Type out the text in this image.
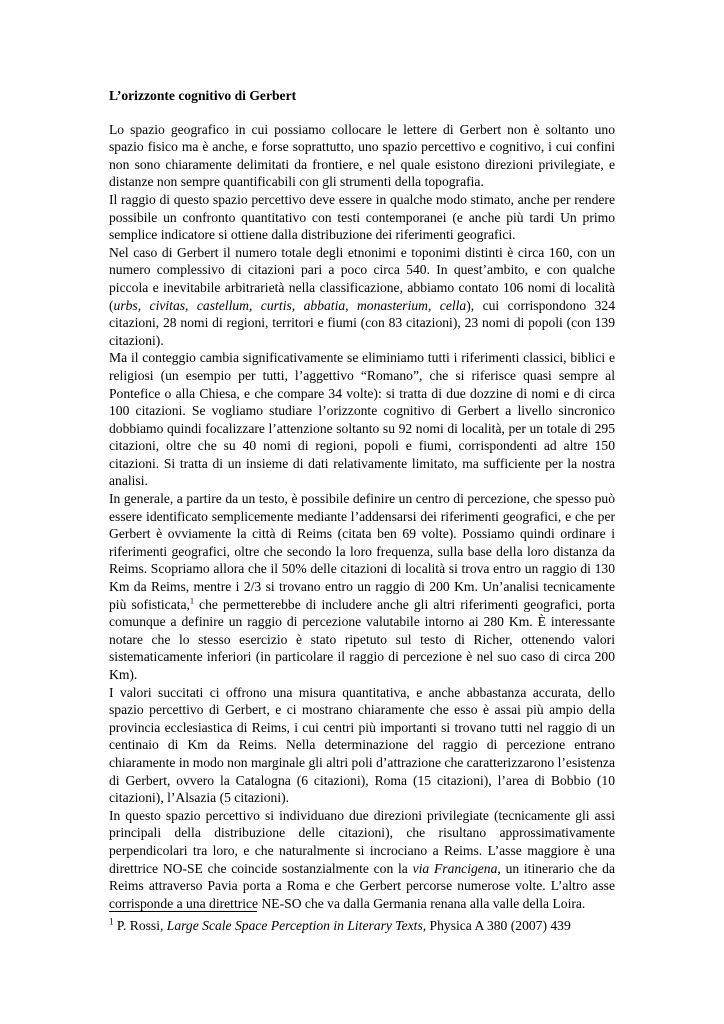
L’orizzonte cognitivo di Gerbert

Lo spazio geografico in cui possiamo collocare le lettere di Gerbert non è soltanto uno spazio fisico ma è anche, e forse soprattutto, uno spazio percettivo e cognitivo, i cui confini non sono chiaramente delimitati da frontiere, e nel quale esistono direzioni privilegiate, e distanze non sempre quantificabili con gli strumenti della topografia.

Il raggio di questo spazio percettivo deve essere in qualche modo stimato, anche per rendere possibile un confronto quantitativo con testi contemporanei (e anche più tardi Un primo semplice indicatore si ottiene dalla distribuzione dei riferimenti geografici.

Nel caso di Gerbert il numero totale degli etnonimi e toponimi distinti è circa 160, con un numero complessivo di citazioni pari a poco circa 540. In quest’ambito, e con qualche piccola e inevitabile arbitrarietà nella classificazione, abbiamo contato 106 nomi di località (urbs, civitas, castellum, curtis, abbatia, monasterium, cella), cui corrispondono 324 citazioni, 28 nomi di regioni, territori e fiumi (con 83 citazioni), 23 nomi di popoli (con 139 citazioni).

Ma il conteggio cambia significativamente se eliminiamo tutti i riferimenti classici, biblici e religiosi (un esempio per tutti, l’aggettivo “Romano”, che si riferisce quasi sempre al Pontefice o alla Chiesa, e che compare 34 volte): si tratta di due dozzine di nomi e di circa 100 citazioni. Se vogliamo studiare l’orizzonte cognitivo di Gerbert a livello sincronico dobbiamo quindi focalizzare l’attenzione soltanto su 92 nomi di località, per un totale di 295 citazioni, oltre che su 40 nomi di regioni, popoli e fiumi, corrispondenti ad altre 150 citazioni. Si tratta di un insieme di dati relativamente limitato, ma sufficiente per la nostra analisi.

In generale, a partire da un testo, è possibile definire un centro di percezione, che spesso può essere identificato semplicemente mediante l’addensarsi dei riferimenti geografici, e che per Gerbert è ovviamente la città di Reims (citata ben 69 volte). Possiamo quindi ordinare i riferimenti geografici, oltre che secondo la loro frequenza, sulla base della loro distanza da Reims. Scopriamo allora che il 50% delle citazioni di località si trova entro un raggio di 130 Km da Reims, mentre i 2/3 si trovano entro un raggio di 200 Km. Un’analisi tecnicamente più sofisticata,$^1$ che permetterebbe di includere anche gli altri riferimenti geografici, porta comunque a definire un raggio di percezione valutabile intorno ai 280 Km. È interessante notare che lo stesso esercizio è stato ripetuto sul testo di Richer, ottenendo valori sistematicamente inferiori (in particolare il raggio di percezione è nel suo caso di circa 200 Km).

I valori succitati ci offrono una misura quantitativa, e anche abbastanza accurata, dello spazio percettivo di Gerbert, e ci mostrano chiaramente che esso è assai più ampio della provincia ecclesiastica di Reims, i cui centri più importanti si trovano tutti nel raggio di un centinaio di Km da Reims. Nella determinazione del raggio di percezione entrano chiaramente in modo non marginale gli altri poli d’attrazione che caratterizzarono l’esistenza di Gerbert, ovvero la Catalogna (6 citazioni), Roma (15 citazioni), l’area di Bobbio (10 citazioni), l’Alsazia (5 citazioni).

In questo spazio percettivo si individuano due direzioni privilegiate (tecnicamente gli assi principali della distribuzione delle citazioni), che risultano approssimativamente perpendicolari tra loro, e che naturalmente si incrociano a Reims. L’asse maggiore è una direttrice NO-SE che coincide sostanzialmente con la via Francigena, un itinerario che da Reims attraverso Pavia porta a Roma e che Gerbert percorse numerose volte. L’altro asse corrisponde a una direttrice NE-SO che va dalla Germania renana alla valle della Loira.

$^1$ P. Rossi, Large Scale Space Perception in Literary Texts, Physica A 380 (2007) 439
